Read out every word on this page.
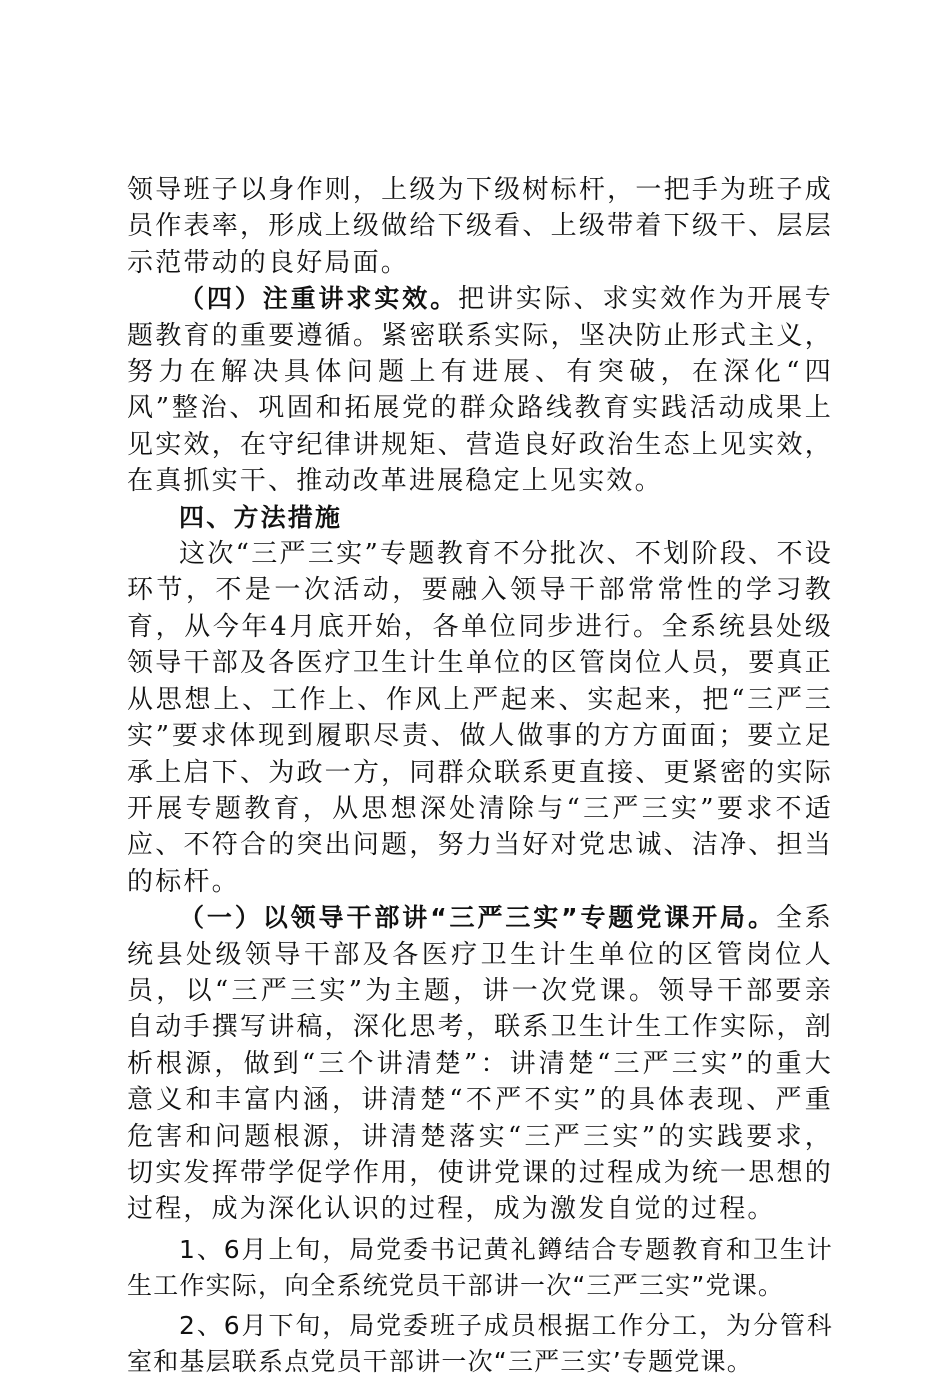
领导班子以身作则，上级为下级树标杆，一把手为班子成员作表率，形成上级做给下级看、上级带着下级干、层层示范带动的良好局面。

（四）注重讲求实效。把讲实际、求实效作为开展专题教育的重要遵循。紧密联系实际，坚决防止形式主义，努力在解决具体问题上有进展、有突破，在深化“四风”整治、巩固和拓展党的群众路线教育实践活动成果上见实效，在守纪律讲规矩、营造良好政治生态上见实效，在真抓实干、推动改革进展稳定上见实效。

四、方法措施

这次“三严三实”专题教育不分批次、不划阶段、不设环节，不是一次活动，要融入领导干部常常性的学习教育，从今年4月底开始，各单位同步进行。全系统县处级领导干部及各医疗卫生计生单位的区管岗位人员，要真正从思想上、工作上、作风上严起来、实起来，把“三严三实”要求体现到履职尽责、做人做事的方方面面；要立足承上启下、为政一方，同群众联系更直接、更紧密的实际开展专题教育，从思想深处清除与“三严三实”要求不适应、不符合的突出问题，努力当好对党忠诚、洁净、担当的标杆。

（一）以领导干部讲“三严三实”专题党课开局。全系统县处级领导干部及各医疗卫生计生单位的区管岗位人员，以“三严三实”为主题，讲一次党课。领导干部要亲自动手撰写讲稿，深化思考，联系卫生计生工作实际，剖析根源，做到“三个讲清楚”：讲清楚“三严三实”的重大意义和丰富内涵，讲清楚“不严不实”的具体表现、严重危害和问题根源，讲清楚落实“三严三实”的实践要求，切实发挥带学促学作用，使讲党课的过程成为统一思想的过程，成为深化认识的过程，成为激发自觉的过程。

1、6月上旬，局党委书记黄礼鐏结合专题教育和卫生计生工作实际，向全系统党员干部讲一次“三严三实”党课。

2、6月下旬，局党委班子成员根据工作分工，为分管科室和基层联系点党员干部讲一次“三严三实’专题党课。
